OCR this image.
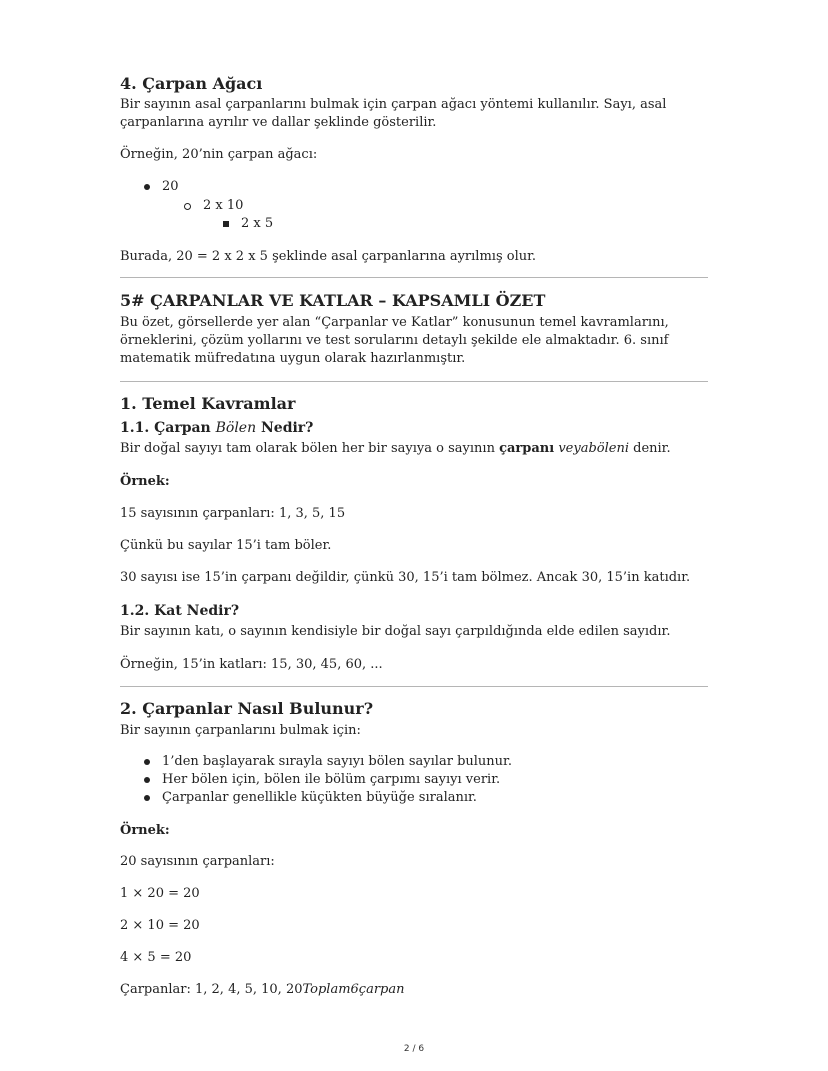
4. Çarpan Ağacı

Bir sayının asal çarpanlarını bulmak için çarpan ağacı yöntemi kullanılır. Sayı, asal

çarpanlarına ayrılır ve dallar şeklinde gösterilir.

Örneğin, 20’nin çarpan ağacı:

20
2 x 10
2 x 5

Burada, 20 = 2 x 2 x 5 şeklinde asal çarpanlarına ayrılmış olur.

5# ÇARPANLAR VE KATLAR – KAPSAMLI ÖZET

Bu özet, görsellerde yer alan “Çarpanlar ve Katlar” konusunun temel kavramlarını,

örneklerini, çözüm yollarını ve test sorularını detaylı şekilde ele almaktadır. 6. sınıf

matematik müfredatına uygun olarak hazırlanmıştır.

1. Temel Kavramlar
1.1. Çarpan Bölen Nedir?

Bir doğal sayıyı tam olarak bölen her bir sayıya o sayının çarpanı veyaböleni denir.

Örnek:

15 sayısının çarpanları: 1, 3, 5, 15

Çünkü bu sayılar 15’i tam böler.

30 sayısı ise 15’in çarpanı değildir, çünkü 30, 15’i tam bölmez. Ancak 30, 15’in katıdır.

1.2. Kat Nedir?

Bir sayının katı, o sayının kendisiyle bir doğal sayı çarpıldığında elde edilen sayıdır.

Örneğin, 15’in katları: 15, 30, 45, 60, ...

2. Çarpanlar Nasıl Bulunur?

Bir sayının çarpanlarını bulmak için:

1’den başlayarak sırayla sayıyı bölen sayılar bulunur.
Her bölen için, bölen ile bölüm çarpımı sayıyı verir.
Çarpanlar genellikle küçükten büyüğe sıralanır.

Örnek:

20 sayısının çarpanları:

1 × 20 = 20

2 × 10 = 20

4 × 5 = 20

Çarpanlar: 1, 2, 4, 5, 10, 20Toplam6çarpan

2 / 6
